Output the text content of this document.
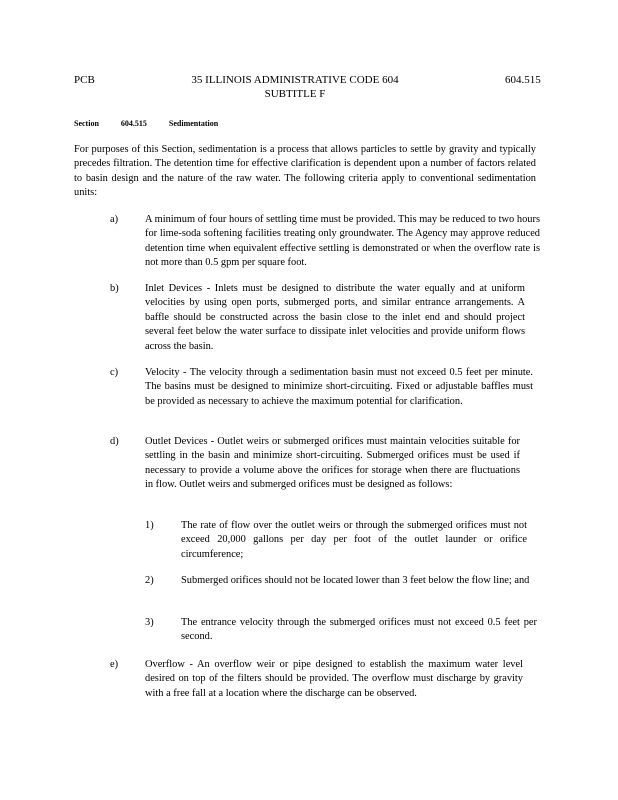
PCB	35 ILLINOIS ADMINISTRATIVE CODE 604
SUBTITLE F
604.515
Section	604.515	Sedimentation

For purposes of this Section, sedimentation is a process that allows particles to settle by gravity and typically precedes filtration. The detention time for effective clarification is dependent upon a number of factors related to basin design and the nature of the raw water. The following criteria apply to conventional sedimentation units:

a)	A minimum of four hours of settling time must be provided. This may be reduced to two hours for lime-soda softening facilities treating only groundwater. The Agency may approve reduced detention time when equivalent effective settling is demonstrated or when the overflow rate is not more than 0.5 gpm per square foot.
b)	Inlet Devices - Inlets must be designed to distribute the water equally and at uniform velocities by using open ports, submerged ports, and similar entrance arrangements. A baffle should be constructed across the basin close to the inlet end and should project several feet below the water surface to dissipate inlet velocities and provide uniform flows across the basin.
c)	Velocity - The velocity through a sedimentation basin must not exceed 0.5 feet per minute. The basins must be designed to minimize short-circuiting. Fixed or adjustable baffles must be provided as necessary to achieve the maximum potential for clarification.
d)	Outlet Devices - Outlet weirs or submerged orifices must maintain velocities suitable for settling in the basin and minimize short-circuiting. Submerged orifices must be used if necessary to provide a volume above the orifices for storage when there are fluctuations in flow. Outlet weirs and submerged orifices must be designed as follows:
1)	The rate of flow over the outlet weirs or through the submerged orifices must not exceed 20,000 gallons per day per foot of the outlet launder or orifice circumference;
2)	Submerged orifices should not be located lower than 3 feet below the flow line; and
3)	The entrance velocity through the submerged orifices must not exceed 0.5 feet per second.
e)	Overflow - An overflow weir or pipe designed to establish the maximum water level desired on top of the filters should be provided. The overflow must discharge by gravity with a free fall at a location where the discharge can be observed.
